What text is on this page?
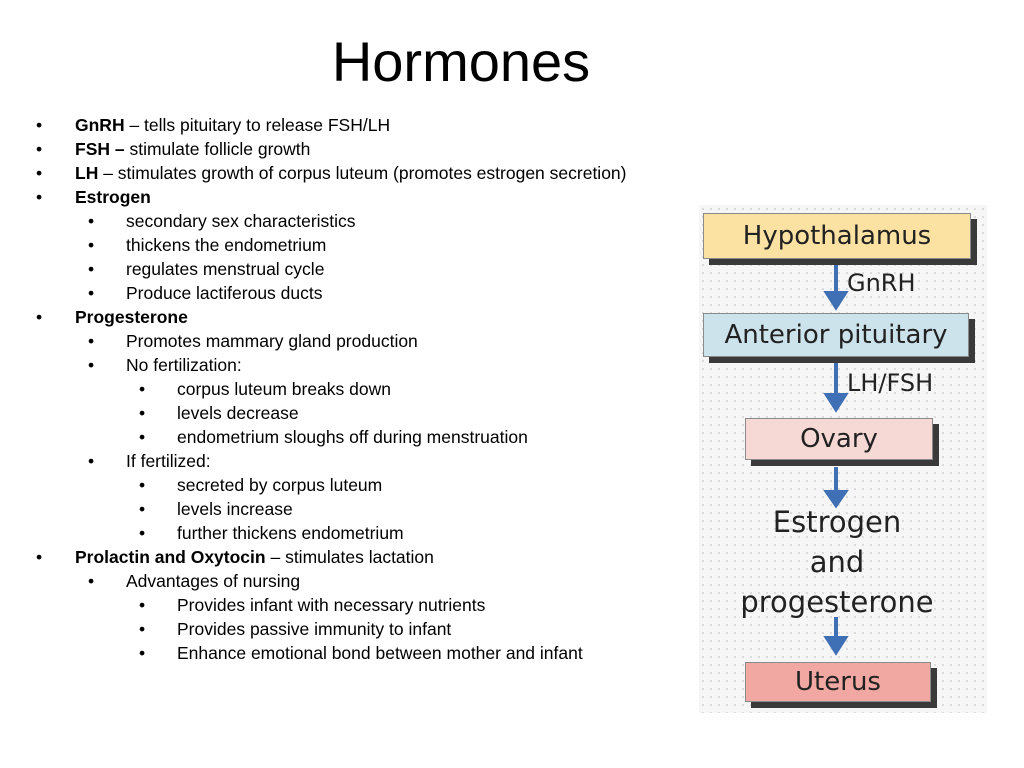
Hormones
• GnRH – tells pituitary to release FSH/LH
• FSH – stimulate follicle growth
• LH – stimulates growth of corpus luteum (promotes estrogen secretion)
• Estrogen
• secondary sex characteristics
• thickens the endometrium
• regulates menstrual cycle
• Produce lactiferous ducts
• Progesterone
• Promotes mammary gland production
• No fertilization:
• corpus luteum breaks down
• levels decrease
• endometrium sloughs off during menstruation
• If fertilized:
• secreted by corpus luteum
• levels increase
• further thickens endometrium
• Prolactin and Oxytocin – stimulates lactation
• Advantages of nursing
• Provides infant with necessary nutrients
• Provides passive immunity to infant
• Enhance emotional bond between mother and infant
Hypothalamus
GnRH
Anterior pituitary
LH/FSH
Ovary
Estrogen
and
progesterone
Uterus
